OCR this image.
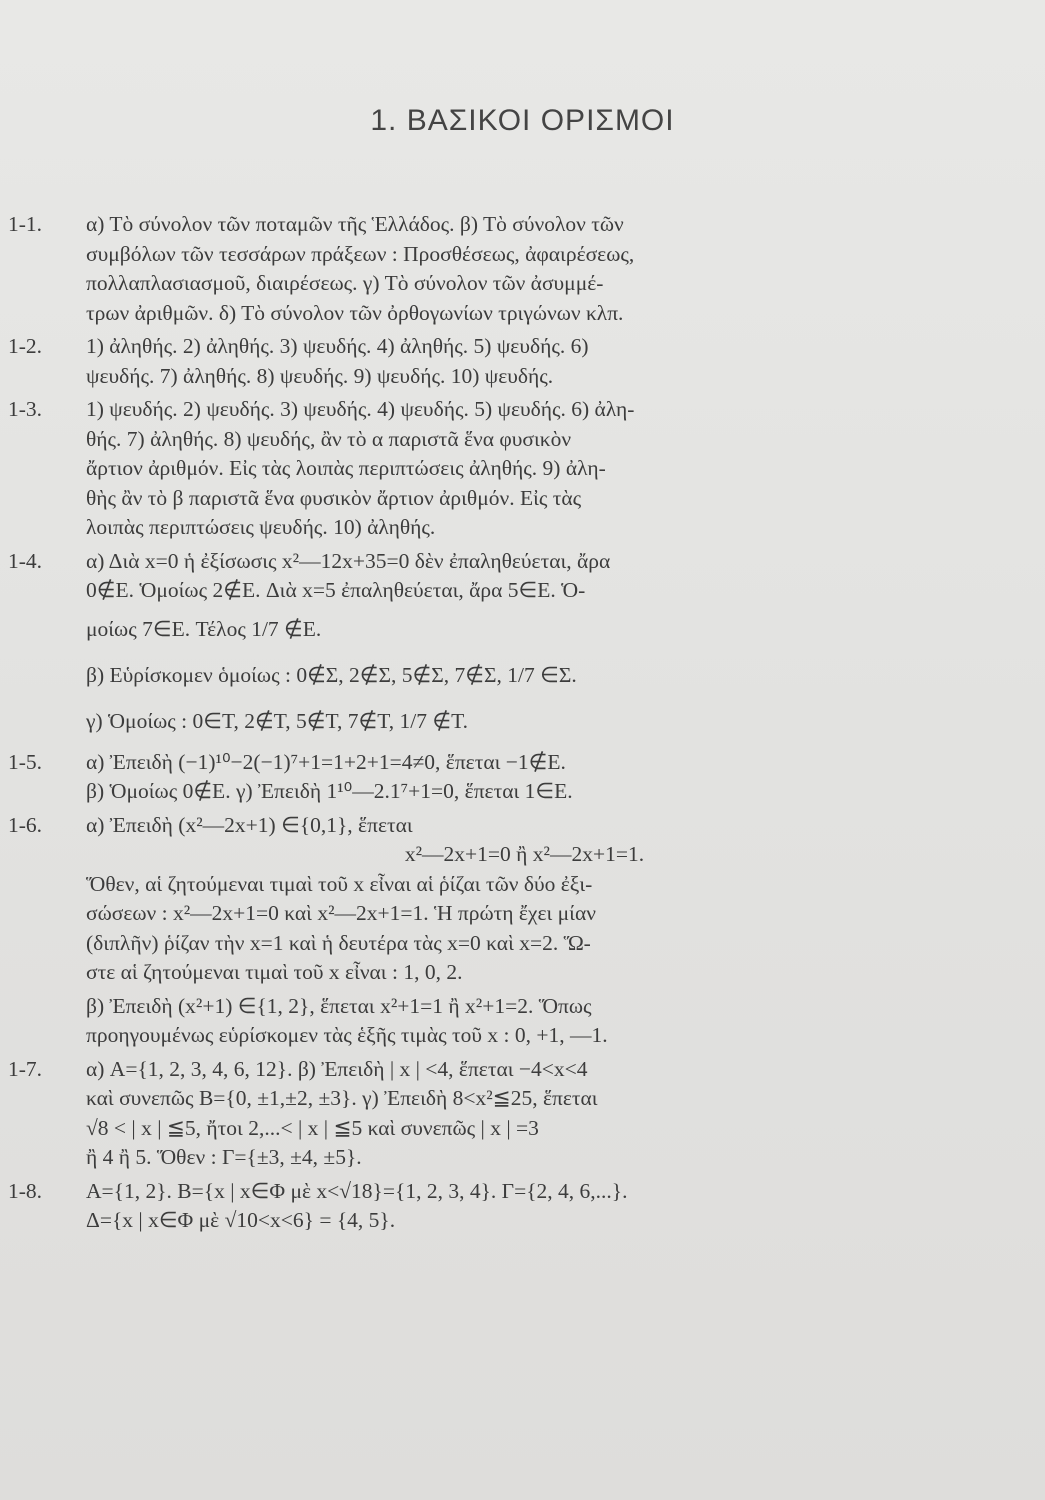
1. ΒΑΣΙΚΟΙ ΟΡΙΣΜΟΙ
1-1. α) Τὸ σύνολον τῶν ποταμῶν τῆς Ἑλλάδος. β) Τὸ σύνολον τῶν
συμβόλων τῶν τεσσάρων πράξεων : Προσθέσεως, ἀφαιρέσεως,
πολλαπλασιασμοῦ, διαιρέσεως. γ) Τὸ σύνολον τῶν ἀσυμμέ-
τρων ἀριθμῶν. δ) Τὸ σύνολον τῶν ὀρθογωνίων τριγώνων κλπ.
1-2. 1) ἀληθής. 2) ἀληθής. 3) ψευδής. 4) ἀληθής. 5) ψευδής. 6)
ψευδής. 7) ἀληθής. 8) ψευδής. 9) ψευδής. 10) ψευδής.
1-3. 1) ψευδής. 2) ψευδής. 3) ψευδής. 4) ψευδής. 5) ψευδής. 6) ἀλη-
θής. 7) ἀληθής. 8) ψευδής, ἂν τὸ α παριστᾶ ἕνα φυσικὸν
ἄρτιον ἀριθμόν. Εἰς τὰς λοιπὰς περιπτώσεις ἀληθής. 9) ἀλη-
θὴς ἂν τὸ β παριστᾶ ἕνα φυσικὸν ἄρτιον ἀριθμόν. Εἰς τὰς
λοιπὰς περιπτώσεις ψευδής. 10) ἀληθής.
1-4. α) Διὰ x=0 ἡ ἐξίσωσις x²—12x+35=0 δὲν ἐπαληθεύεται, ἄρα
0∉E. Ὁμοίως 2∉E. Διὰ x=5 ἐπαληθεύεται, ἄρα 5∈E. Ὁ-
μοίως 7∈E. Τέλος 1/7 ∉E.
β) Εὑρίσκομεν ὁμοίως : 0∉Σ, 2∉Σ, 5∉Σ, 7∉Σ, 1/7 ∈Σ.
γ) Ὁμοίως : 0∈T, 2∉T, 5∉T, 7∉T, 1/7 ∉T.
1-5. α) Ἐπειδὴ (−1)¹⁰−2(−1)⁷+1=1+2+1=4≠0, ἕπεται −1∉E.
β) Ὁμοίως 0∉E. γ) Ἐπειδὴ 1¹⁰—2.1⁷+1=0, ἕπεται 1∈E.
1-6. α) Ἐπειδὴ (x²—2x+1) ∈{0,1}, ἕπεται
x²—2x+1=0 ἢ x²—2x+1=1.
Ὅθεν, αἱ ζητούμεναι τιμαὶ τοῦ x εἶναι αἱ ῥίζαι τῶν δύο ἐξι-
σώσεων : x²—2x+1=0 καὶ x²—2x+1=1. Ἡ πρώτη ἔχει μίαν
(διπλῆν) ῥίζαν τὴν x=1 καὶ ἡ δευτέρα τὰς x=0 καὶ x=2. Ὥ-
στε αἱ ζητούμεναι τιμαὶ τοῦ x εἶναι : 1, 0, 2.
β) Ἐπειδὴ (x²+1) ∈{1, 2}, ἕπεται x²+1=1 ἢ x²+1=2. Ὅπως
προηγουμένως εὑρίσκομεν τὰς ἑξῆς τιμὰς τοῦ x : 0, +1, —1.
1-7. α) A={1, 2, 3, 4, 6, 12}. β) Ἐπειδὴ | x | <4, ἕπεται −4<x<4
καὶ συνεπῶς B={0, ±1,±2, ±3}. γ) Ἐπειδὴ 8<x²≦25, ἕπεται
√8 < | x | ≦5, ἤτοι 2,...< | x | ≦5 καὶ συνεπῶς | x | =3
ἢ 4 ἢ 5. Ὅθεν : Γ={±3, ±4, ±5}.
1-8. A={1, 2}. B={x | x∈Φ μὲ x<√18}={1, 2, 3, 4}. Γ={2, 4, 6,...}.
Δ={x | x∈Φ μὲ √10<x<6} = {4, 5}.
